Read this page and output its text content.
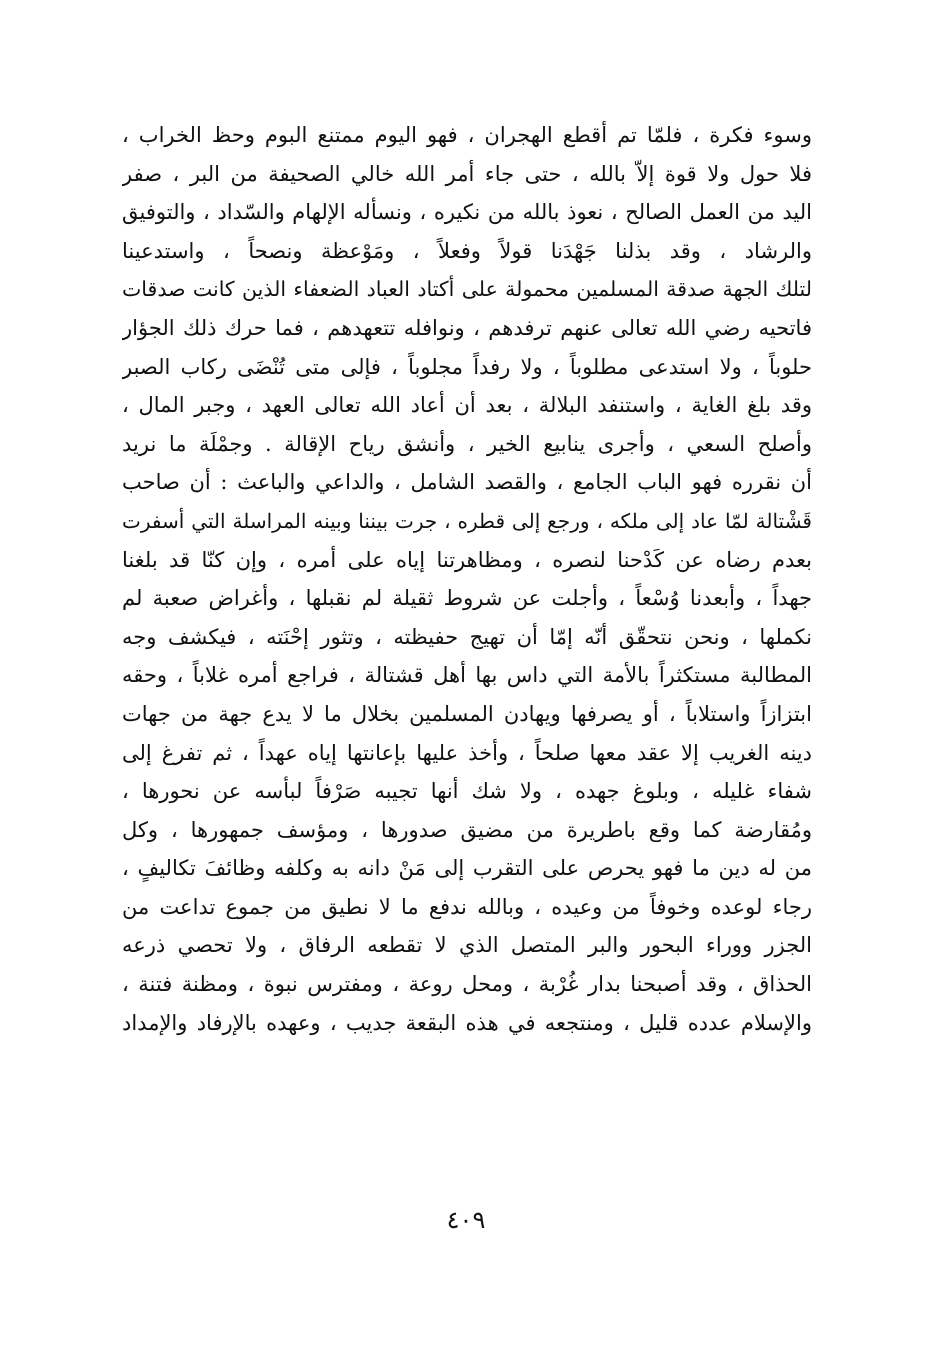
وسوء فكرة ، فلمّا تم أقطع الهجران ، فهو اليوم ممتنع البوم وحظ الخراب ،
فلا حول ولا قوة إلاّ بالله ، حتى جاء أمر الله خالي الصحيفة من البر ، صفر
اليد من العمل الصالح ، نعوذ بالله من نكيره ، ونسأله الإلهام والسّداد ، والتوفيق
والرشاد ، وقد بذلنا جَهْدَنا قولاً وفعلاً ، ومَوْعظة ونصحاً ، واستدعينا
لتلك الجهة صدقة المسلمين محمولة على أكتاد العباد الضعفاء الذين كانت صدقات
فاتحيه رضي الله تعالى عنهم ترفدهم ، ونوافله تتعهدهم ، فما حرك ذلك الجؤار
حلوباً ، ولا استدعى مطلوباً ، ولا رفداً مجلوباً ، فإلى متى تُنْضَى ركاب الصبر
وقد بلغ الغاية ، واستنفد البلالة ، بعد أن أعاد الله تعالى العهد ، وجبر المال ،
وأصلح السعي ، وأجرى ينابيع الخير ، وأنشق رياح الإقالة . وجمْلَة ما نريد
أن نقرره فهو الباب الجامع ، والقصد الشامل ، والداعي والباعث : أن صاحب
قَشْتالة لمّا عاد إلى ملكه ، ورجع إلى قطره ، جرت بيننا وبينه المراسلة التي أسفرت
بعدم رضاه عن كَدْحنا لنصره ، ومظاهرتنا إياه على أمره ، وإن كنّا قد بلغنا
جهداً ، وأبعدنا وُسْعاً ، وأجلت عن شروط ثقيلة لم نقبلها ، وأغراض صعبة لم
نكملها ، ونحن نتحقّق أنّه إمّا أن تهيج حفيظته ، وتثور إحْنَته ، فيكشف وجه
المطالبة مستكثراً بالأمة التي داس بها أهل قشتالة ، فراجع أمره غلاباً ، وحقه
ابتزازاً واستلاباً ، أو يصرفها ويهادن المسلمين بخلال ما لا يدع جهة من جهات
دينه الغريب إلا عقد معها صلحاً ، وأخذ عليها بإعانتها إياه عهداً ، ثم تفرغ إلى
شفاء غليله ، وبلوغ جهده ، ولا شك أنها تجيبه صَرْفاً لبأسه عن نحورها ،
ومُقارضة كما وقع باطريرة من مضيق صدورها ، ومؤسف جمهورها ، وكل
من له دين ما فهو يحرص على التقرب إلى مَنْ دانه به وكلفه وظائفَ تكاليفٍ ،
رجاء لوعده وخوفاً من وعيده ، وبالله ندفع ما لا نطيق من جموع تداعت من
الجزر ووراء البحور والبر المتصل الذي لا تقطعه الرفاق ، ولا تحصي ذرعه
الحذاق ، وقد أصبحنا بدار غُرْبة ، ومحل روعة ، ومفترس نبوة ، ومظنة فتنة ،
والإسلام عدده قليل ، ومنتجعه في هذه البقعة جديب ، وعهده بالإرفاد والإمداد
٤٠٩
